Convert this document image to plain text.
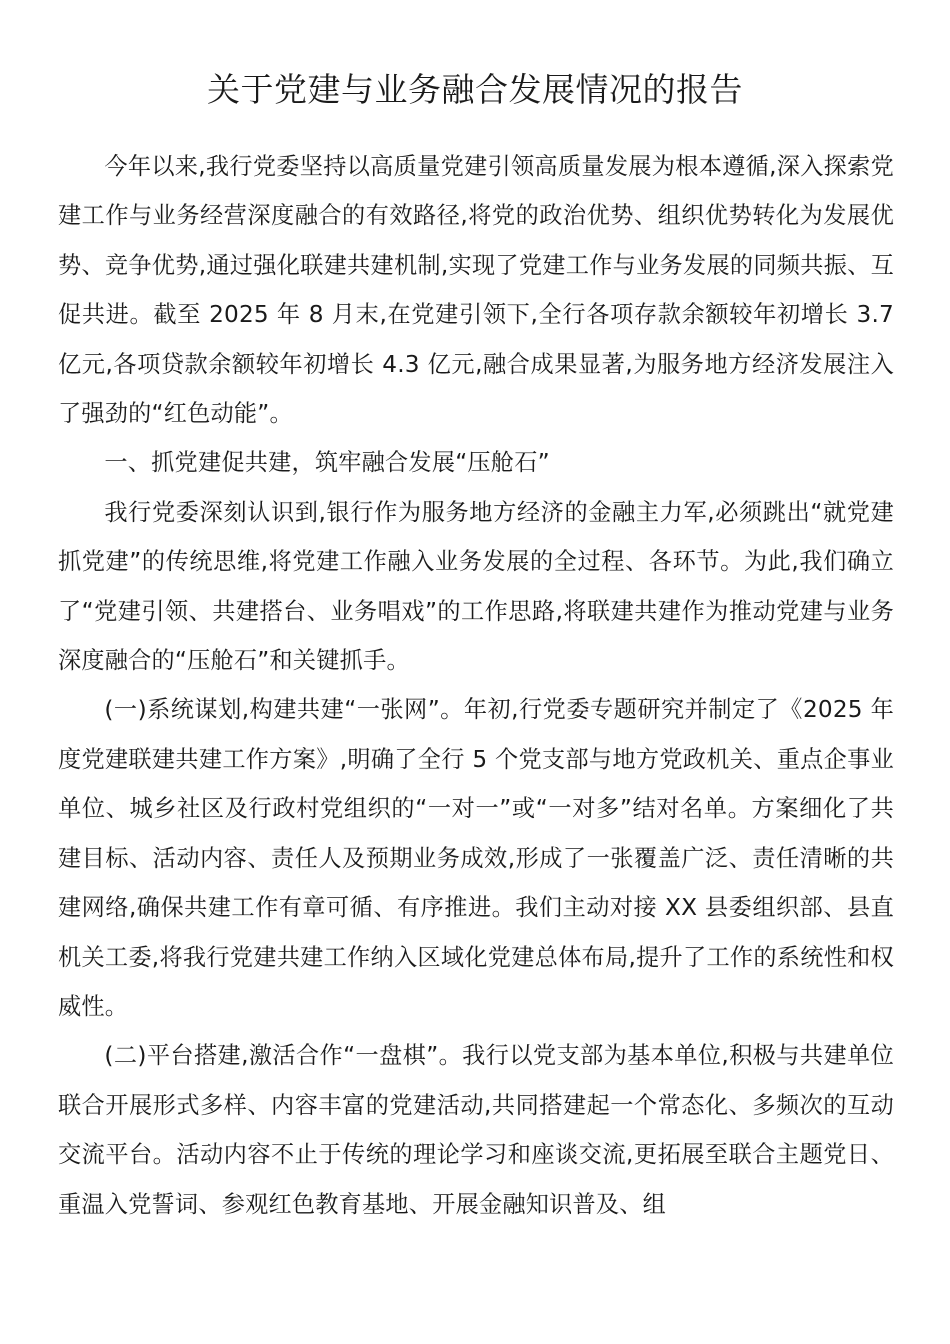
关于党建与业务融合发展情况的报告

今年以来,我行党委坚持以高质量党建引领高质量发展为根本遵循,深入探索党建工作与业务经营深度融合的有效路径,将党的政治优势、组织优势转化为发展优势、竞争优势,通过强化联建共建机制,实现了党建工作与业务发展的同频共振、互促共进。截至 2025 年 8 月末,在党建引领下,全行各项存款余额较年初增长 3.7 亿元,各项贷款余额较年初增长 4.3 亿元,融合成果显著,为服务地方经济发展注入了强劲的“红色动能”。

一、抓党建促共建，筑牢融合发展“压舱石”

我行党委深刻认识到,银行作为服务地方经济的金融主力军,必须跳出“就党建抓党建”的传统思维,将党建工作融入业务发展的全过程、各环节。为此,我们确立了“党建引领、共建搭台、业务唱戏”的工作思路,将联建共建作为推动党建与业务深度融合的“压舱石”和关键抓手。

(一)系统谋划,构建共建“一张网”。年初,行党委专题研究并制定了《2025 年度党建联建共建工作方案》,明确了全行 5 个党支部与地方党政机关、重点企事业单位、城乡社区及行政村党组织的“一对一”或“一对多”结对名单。方案细化了共建目标、活动内容、责任人及预期业务成效,形成了一张覆盖广泛、责任清晰的共建网络,确保共建工作有章可循、有序推进。我们主动对接 XX 县委组织部、县直机关工委,将我行党建共建工作纳入区域化党建总体布局,提升了工作的系统性和权威性。

(二)平台搭建,激活合作“一盘棋”。我行以党支部为基本单位,积极与共建单位联合开展形式多样、内容丰富的党建活动,共同搭建起一个常态化、多频次的互动交流平台。活动内容不止于传统的理论学习和座谈交流,更拓展至联合主题党日、重温入党誓词、参观红色教育基地、开展金融知识普及、组
